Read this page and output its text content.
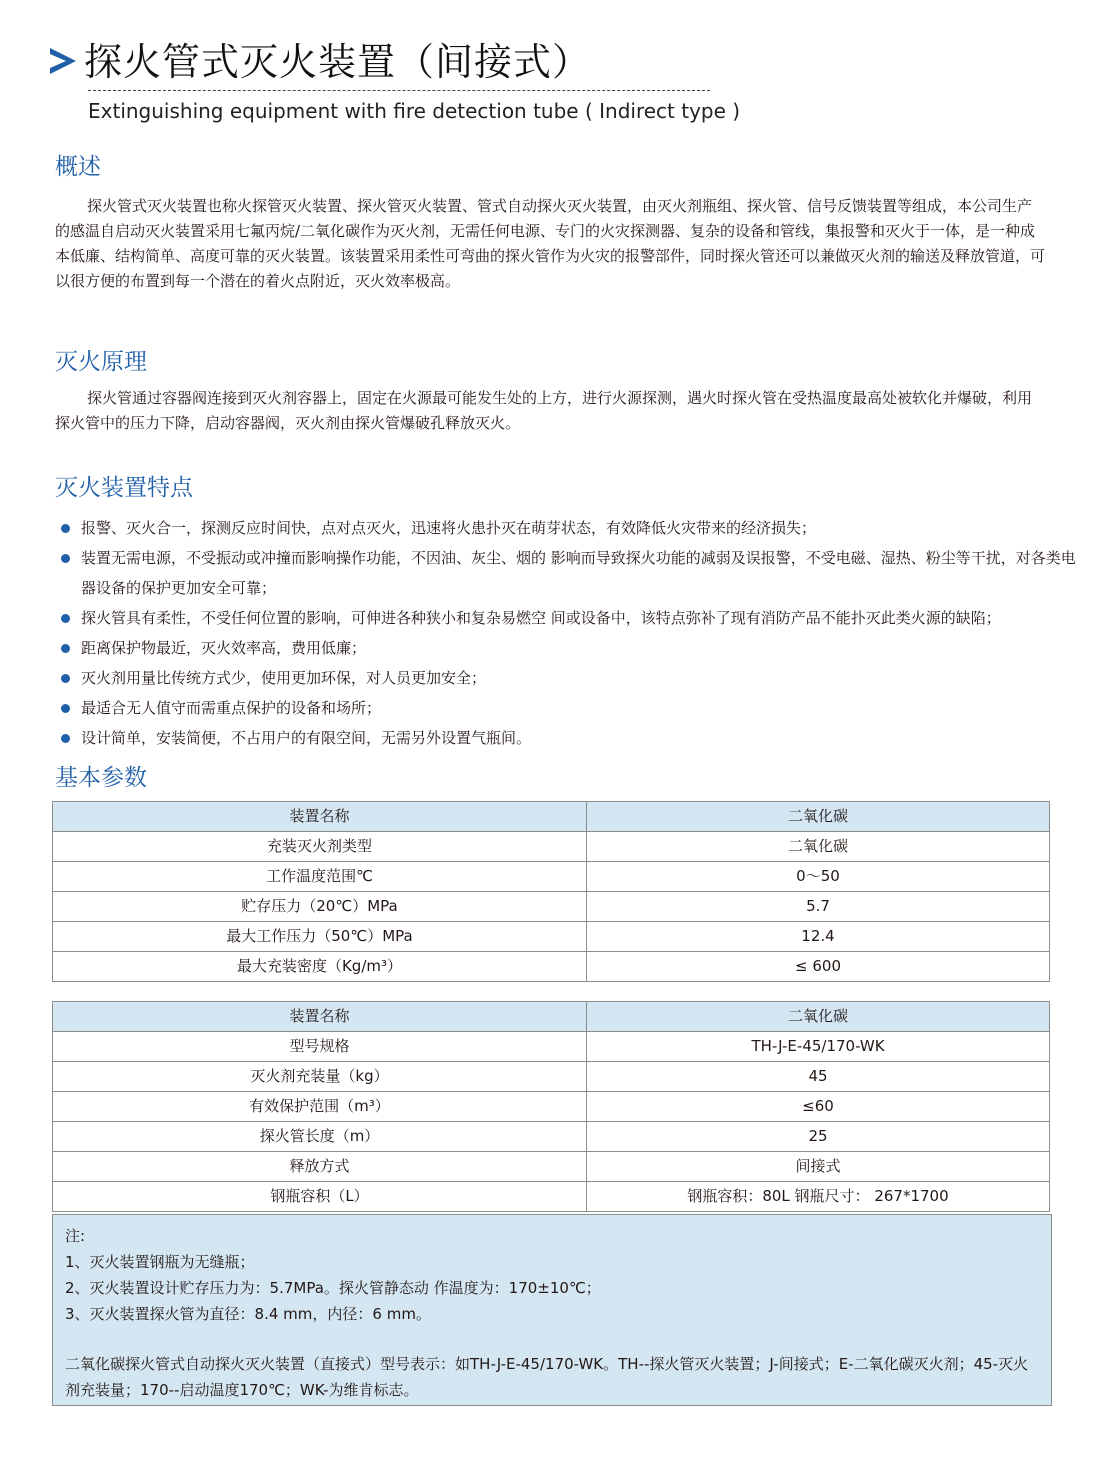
探火管式灭火装置（间接式）
Extinguishing equipment with fire detection tube ( Indirect type )
概述

探火管式灭火装置也称火探管灭火装置、探火管灭火装置、管式自动探火灭火装置，由灭火剂瓶组、探火管、信号反馈装置等组成，本公司生产的感温自启动灭火装置采用七氟丙烷/二氧化碳作为灭火剂，无需任何电源、专门的火灾探测器、复杂的设备和管线，集报警和灭火于一体，是一种成本低廉、结构简单、高度可靠的灭火装置。该装置采用柔性可弯曲的探火管作为火灾的报警部件，同时探火管还可以兼做灭火剂的输送及释放管道，可以很方便的布置到每一个潜在的着火点附近，灭火效率极高。

灭火原理

探火管通过容器阀连接到灭火剂容器上，固定在火源最可能发生处的上方，进行火源探测，遇火时探火管在受热温度最高处被软化并爆破，利用探火管中的压力下降，启动容器阀，灭火剂由探火管爆破孔释放灭火。

灭火装置特点
报警、灭火合一，探测反应时间快，点对点灭火，迅速将火患扑灭在萌芽状态，有效降低火灾带来的经济损失；
装置无需电源，不受振动或冲撞而影响操作功能，不因油、灰尘、烟的 影响而导致探火功能的减弱及误报警，不受电磁、湿热、粉尘等干扰，对各类电 器设备的保护更加安全可靠；
探火管具有柔性，不受任何位置的影响，可伸进各种狭小和复杂易燃空 间或设备中，该特点弥补了现有消防产品不能扑灭此类火源的缺陷；
距离保护物最近，灭火效率高，费用低廉；
灭火剂用量比传统方式少，使用更加环保，对人员更加安全；
最适合无人值守而需重点保护的设备和场所；
设计简单，安装简便，不占用户的有限空间，无需另外设置气瓶间。
基本参数
装置名称	二氧化碳
充装灭火剂类型	二氧化碳
工作温度范围℃	0～50
贮存压力（20℃）MPa	5.7
最大工作压力（50℃）MPa	12.4
最大充装密度（Kg/m³）	≤ 600
装置名称	二氧化碳
型号规格	TH-J-E-45/170-WK
灭火剂充装量（kg）	45
有效保护范围（m³）	≤60
探火管长度（m）	25
释放方式	间接式
钢瓶容积（L）	钢瓶容积：80L 钢瓶尺寸： 267*1700

注:

1、灭火装置钢瓶为无缝瓶；

2、灭火装置设计贮存压力为：5.7MPa。探火管静态动 作温度为：170±10℃；

3、灭火装置探火管为直径：8.4 mm，内径：6 mm。

二氧化碳探火管式自动探火灭火装置（直接式）型号表示：如TH-J-E-45/170-WK。TH--探火管灭火装置；J-间接式；E-二氧化碳灭火剂；45-灭火剂充装量；170--启动温度170℃；WK-为维肯标志。
